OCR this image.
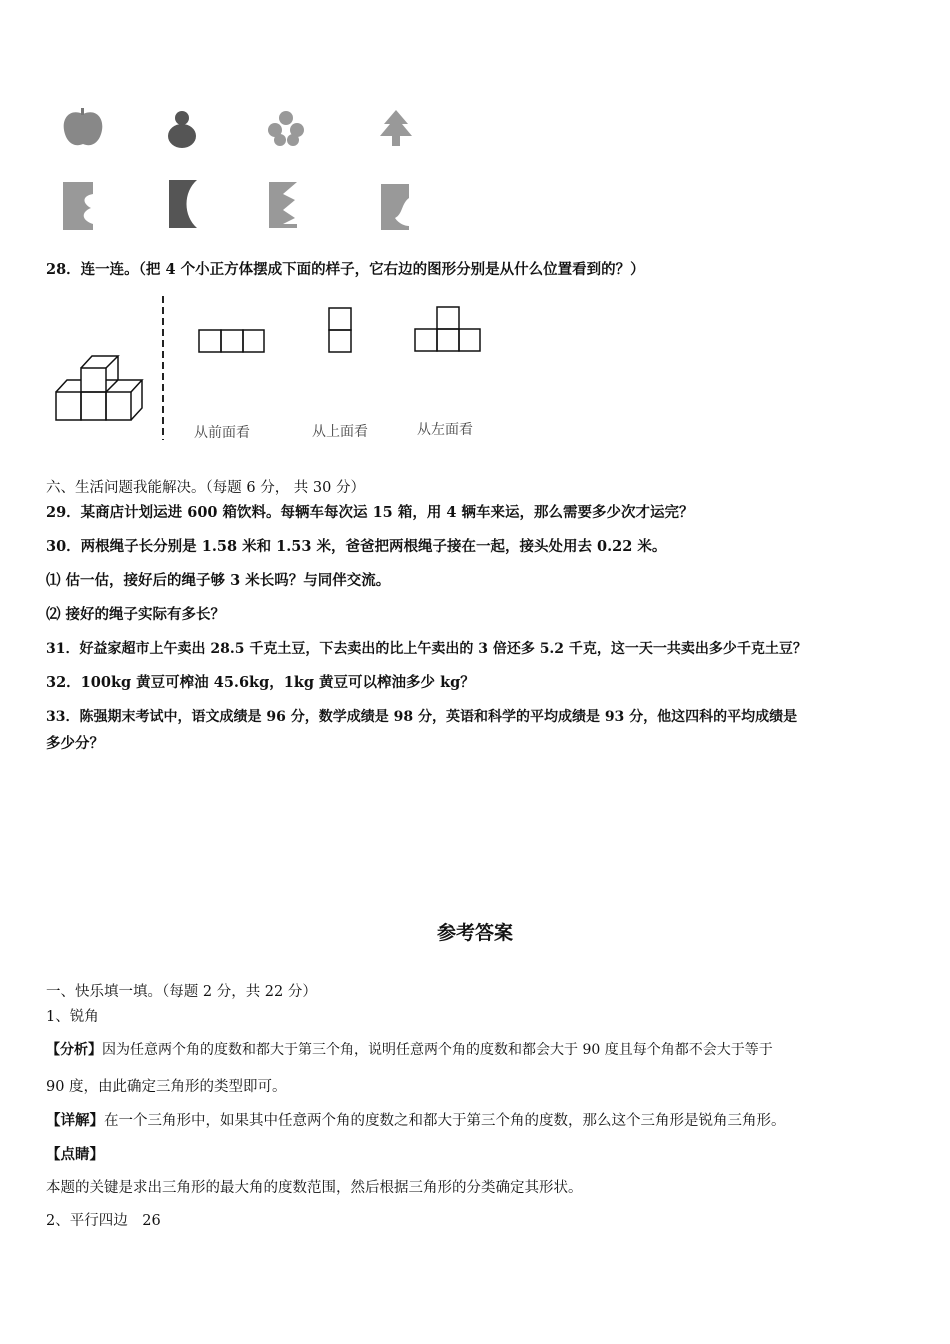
28．连一连。（把 4 个小正方体摆成下面的样子，它右边的图形分别是从什么位置看到的？）
从前面看	从上面看	从左面看
六、生活问题我能解决。（每题 6 分， 共 30 分）
29．某商店计划运进 600 箱饮料。每辆车每次运 15 箱，用 4 辆车来运，那么需要多少次才运完？
30．两根绳子长分别是 1.58 米和 1.53 米，爸爸把两根绳子接在一起，接头处用去 0.22 米。
⑴ 估一估，接好后的绳子够 3 米长吗？与同伴交流。
⑵ 接好的绳子实际有多长？
31．好益家超市上午卖出 28.5 千克土豆，下去卖出的比上午卖出的 3 倍还多 5.2 千克，这一天一共卖出多少千克土豆？
32．100kg 黄豆可榨油 45.6kg，1kg 黄豆可以榨油多少 kg？
33．陈强期末考试中，语文成绩是 96 分，数学成绩是 98 分，英语和科学的平均成绩是 93 分，他这四科的平均成绩是
多少分？
参考答案
一、快乐填一填。（每题 2 分，共 22 分）
1、锐角
【分析】因为任意两个角的度数和都大于第三个角，说明任意两个角的度数和都会大于 90 度且每个角都不会大于等于
90 度，由此确定三角形的类型即可。
【详解】在一个三角形中，如果其中任意两个角的度数之和都大于第三个角的度数，那么这个三角形是锐角三角形。
【点睛】
本题的关键是求出三角形的最大角的度数范围，然后根据三角形的分类确定其形状。
2、平行四边　26
